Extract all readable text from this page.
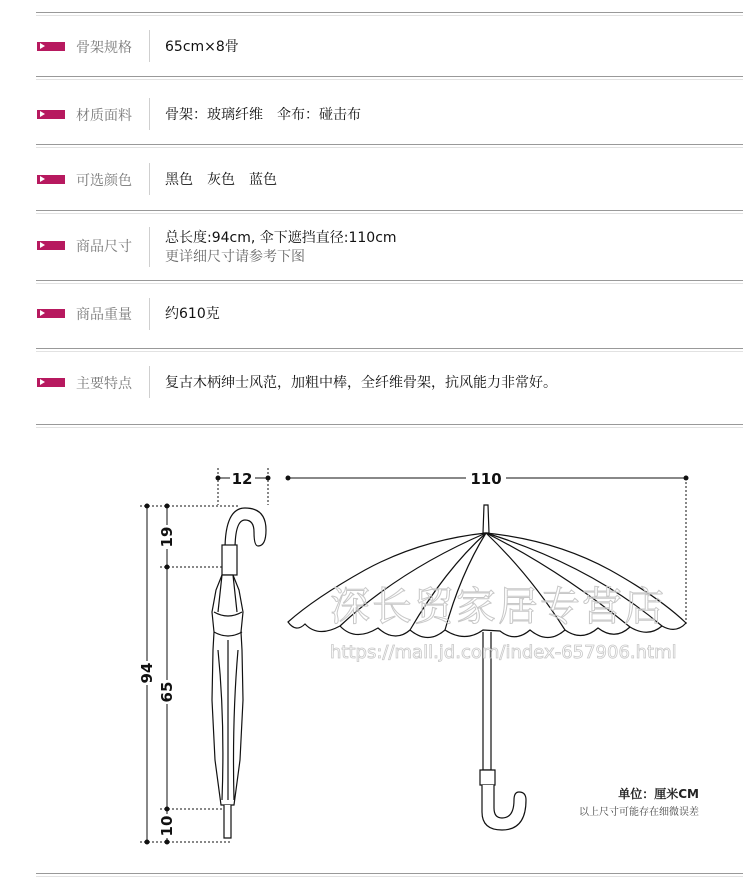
骨架规格 65cm×8骨
材质面料 骨架：玻璃纤维　伞布：碰击布
可选颜色 黑色　灰色　蓝色
商品尺寸
总长度:94cm, 伞下遮挡直径:110cm
更详细尺寸请参考下图
商品重量 约610克
主要特点 复古木柄绅士风范，加粗中棒，全纤维骨架，抗风能力非常好。
12	110
19
94
65
10
深长贸家居专营店
https://mall.jd.com/index-657906.html
单位：厘米CM
以上尺寸可能存在细微误差
